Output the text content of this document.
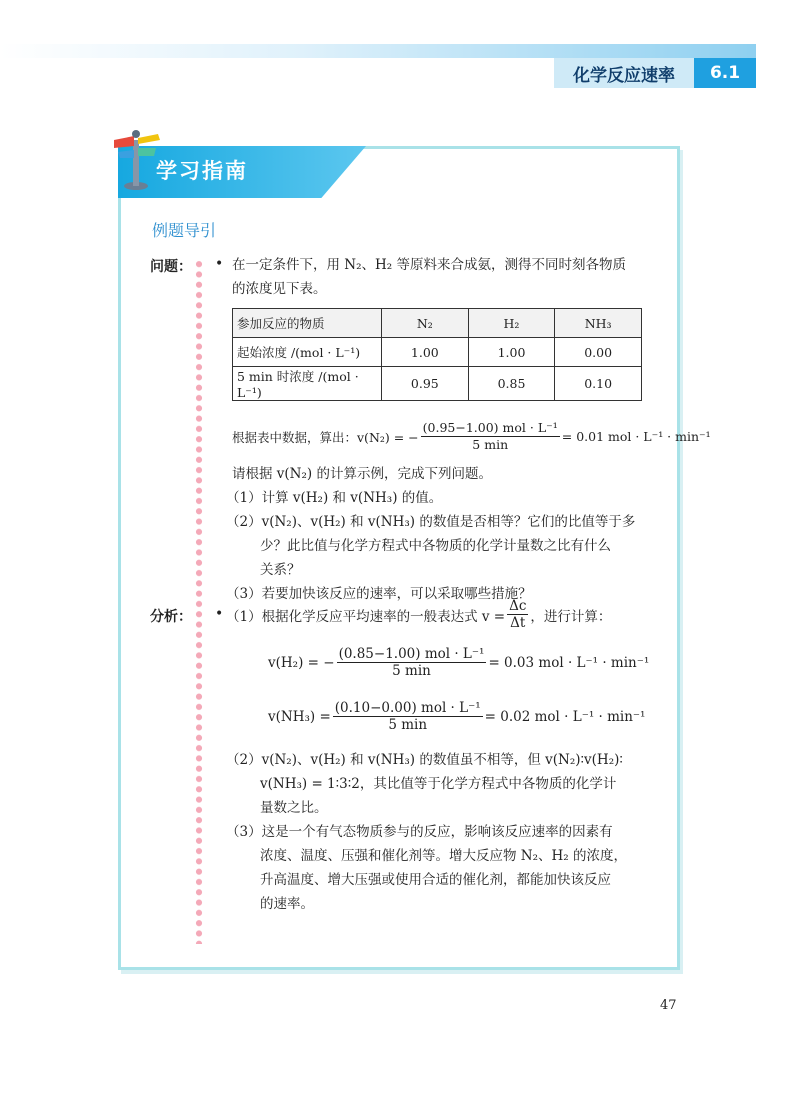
化学反应速率	6.1
学习指南
例题导引
问题： • 在一定条件下，用 N₂、H₂ 等原料来合成氨，测得不同时刻各物质
的浓度见下表。
参加反应的物质	N₂	H₂	NH₃
起始浓度 /(mol · L⁻¹)	1.00	1.00	0.00
5 min 时浓度 /(mol · L⁻¹)	0.95	0.85	0.10
根据表中数据，算出：v(N₂) = − $\frac{\text{(0.95−1.00) mol · L⁻¹}}{5 \min} = 0.01$ mol · L⁻¹ · min⁻¹
请根据 v(N₂) 的计算示例，完成下列问题。
（1）计算 v(H₂) 和 v(NH₃) 的值。
（2）v(N₂)、v(H₂) 和 v(NH₃) 的数值是否相等？它们的比值等于多
少？此比值与化学方程式中各物质的化学计量数之比有什么
关系？
（3）若要加快该反应的速率，可以采取哪些措施？
分析： • （1）根据化学反应平均速率的一般表达式 $v = \frac{\Delta c}{\Delta t}$ ，进行计算：
v(H₂) = − $\frac{\text{(0.85−1.00) mol · L⁻¹}}{5 \min} = 0.03$ mol · L⁻¹ · min⁻¹
$v(NH_3) = \frac{\text{(0.10−0.00) mol · L⁻¹}}{5 \min} = 0.02$ mol · L⁻¹ · min⁻¹
（2）v(N₂)、v(H₂) 和 v(NH₃) 的数值虽不相等，但 v(N₂)∶v(H₂)∶
v(NH₃) = 1∶3∶2，其比值等于化学方程式中各物质的化学计
量数之比。
（3）这是一个有气态物质参与的反应，影响该反应速率的因素有
浓度、温度、压强和催化剂等。增大反应物 N₂、H₂ 的浓度，
升高温度、增大压强或使用合适的催化剂，都能加快该反应
的速率。
47
